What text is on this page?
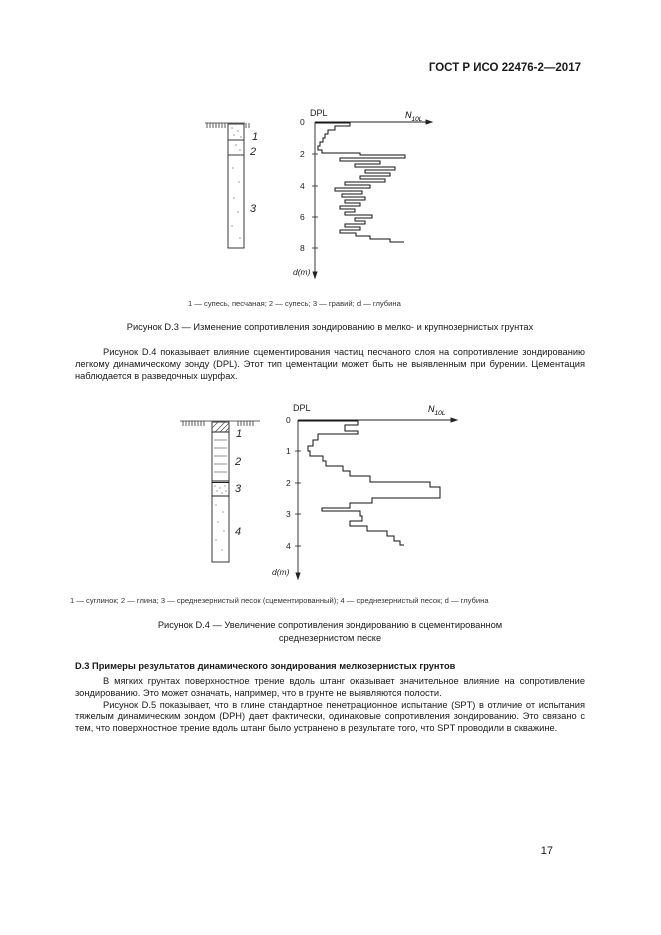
ГОСТ Р ИСО 22476-2—2017
1
2
3
DPL	$N_{10L}$
0
2
4
6
8
d(m)
1 — супесь, песчаная; 2 — супесь; 3 — гравий; d — глубина
Рисунок D.3 — Изменение сопротивления зондированию в мелко- и крупнозернистых грунтах

Рисунок D.4 показывает влияние сцементирования частиц песчаного слоя на сопротивление зондированию легкому динамическому зонду (DPL). Этот тип цементации может быть не выявленным при бурении. Цементация наблюдается в разведочных шурфах.

1
2
3
4
DPL	$N_{10L}$
0
1
2
3
4
d(m)
1 — суглинок; 2 — глина; 3 — среднезернистый песок (сцементированный); 4 — среднезернистый песок; d — глубина
Рисунок D.4 — Увеличение сопротивления зондированию в сцементированном
среднезернистом песке
D.3 Примеры результатов динамического зондирования мелкозернистых грунтов

В мягких грунтах поверхностное трение вдоль штанг оказывает значительное влияние на сопротивление зондированию. Это может означать, например, что в грунте не выявляются полости.

Рисунок D.5 показывает, что в глине стандартное пенетрационное испытание (SPT) в отличие от испытания тяжелым динамическим зондом (DPH) дает фактически, одинаковые сопротивления зондированию. Это связано с тем, что поверхностное трение вдоль штанг было устранено в результате того, что SPT проводили в скважине.

17
